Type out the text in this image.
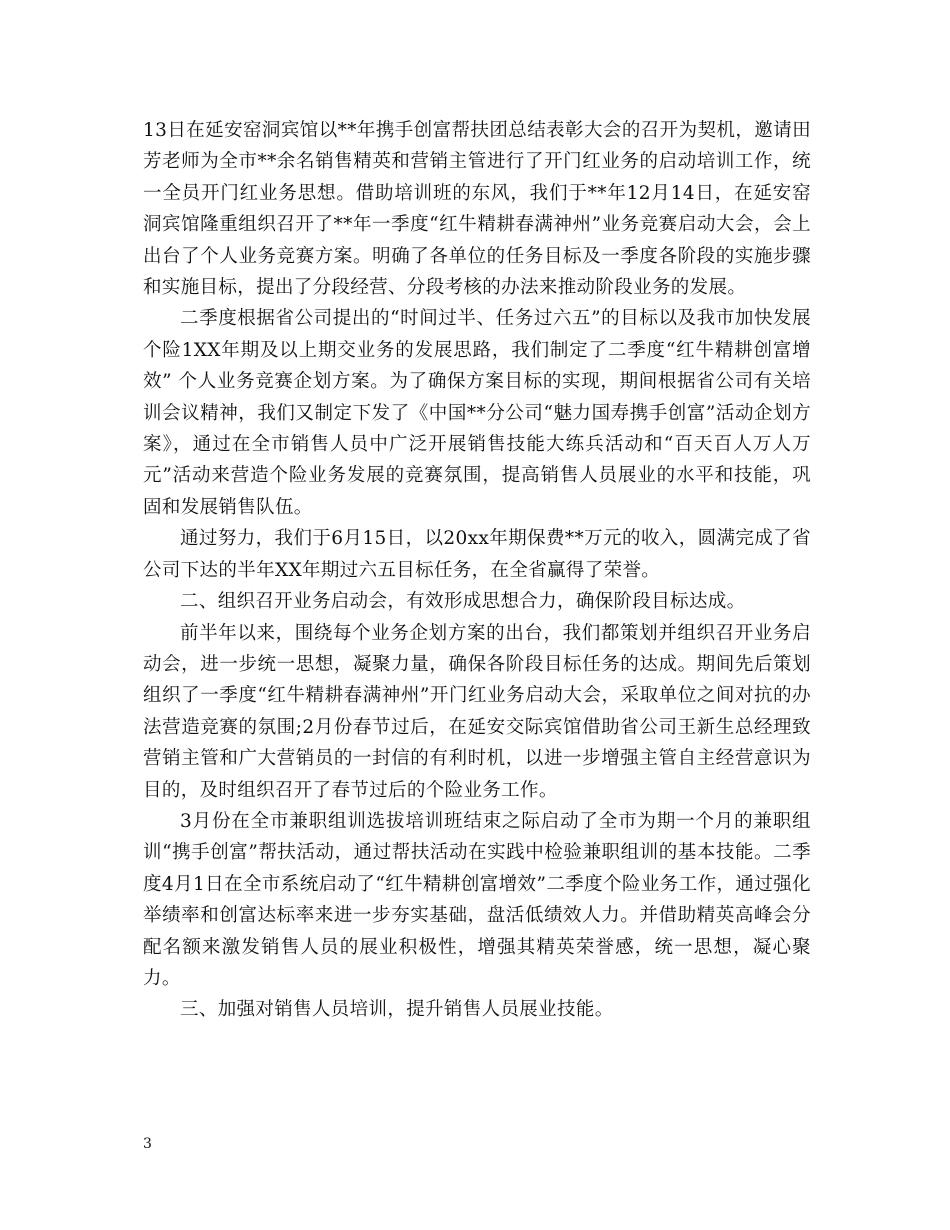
13日在延安窑洞宾馆以**年携手创富帮扶团总结表彰大会的召开为契机，邀请田芳老师为全市**余名销售精英和营销主管进行了开门红业务的启动培训工作，统一全员开门红业务思想。借助培训班的东风，我们于**年12月14日，在延安窑洞宾馆隆重组织召开了**年一季度“红牛精耕春满神州”业务竞赛启动大会，会上出台了个人业务竞赛方案。明确了各单位的任务目标及一季度各阶段的实施步骤和实施目标，提出了分段经营、分段考核的办法来推动阶段业务的发展。

二季度根据省公司提出的“时间过半、任务过六五”的目标以及我市加快发展个险1XX年期及以上期交业务的发展思路，我们制定了二季度“红牛精耕创富增效” 个人业务竞赛企划方案。为了确保方案目标的实现，期间根据省公司有关培训会议精神，我们又制定下发了《中国**分公司“魅力国寿携手创富”活动企划方案》，通过在全市销售人员中广泛开展销售技能大练兵活动和“百天百人万人万元”活动来营造个险业务发展的竞赛氛围，提高销售人员展业的水平和技能，巩固和发展销售队伍。

通过努力，我们于6月15日，以20xx年期保费**万元的收入，圆满完成了省公司下达的半年XX年期过六五目标任务，在全省赢得了荣誉。

二、组织召开业务启动会，有效形成思想合力，确保阶段目标达成。

前半年以来，围绕每个业务企划方案的出台，我们都策划并组织召开业务启动会，进一步统一思想，凝聚力量，确保各阶段目标任务的达成。期间先后策划组织了一季度“红牛精耕春满神州”开门红业务启动大会，采取单位之间对抗的办法营造竞赛的氛围;2月份春节过后，在延安交际宾馆借助省公司王新生总经理致营销主管和广大营销员的一封信的有利时机，以进一步增强主管自主经营意识为目的，及时组织召开了春节过后的个险业务工作。

3月份在全市兼职组训选拔培训班结束之际启动了全市为期一个月的兼职组训“携手创富”帮扶活动，通过帮扶活动在实践中检验兼职组训的基本技能。二季度4月1日在全市系统启动了“红牛精耕创富增效”二季度个险业务工作，通过强化举绩率和创富达标率来进一步夯实基础，盘活低绩效人力。并借助精英高峰会分配名额来激发销售人员的展业积极性，增强其精英荣誉感，统一思想，凝心聚力。

三、加强对销售人员培训，提升销售人员展业技能。

3
